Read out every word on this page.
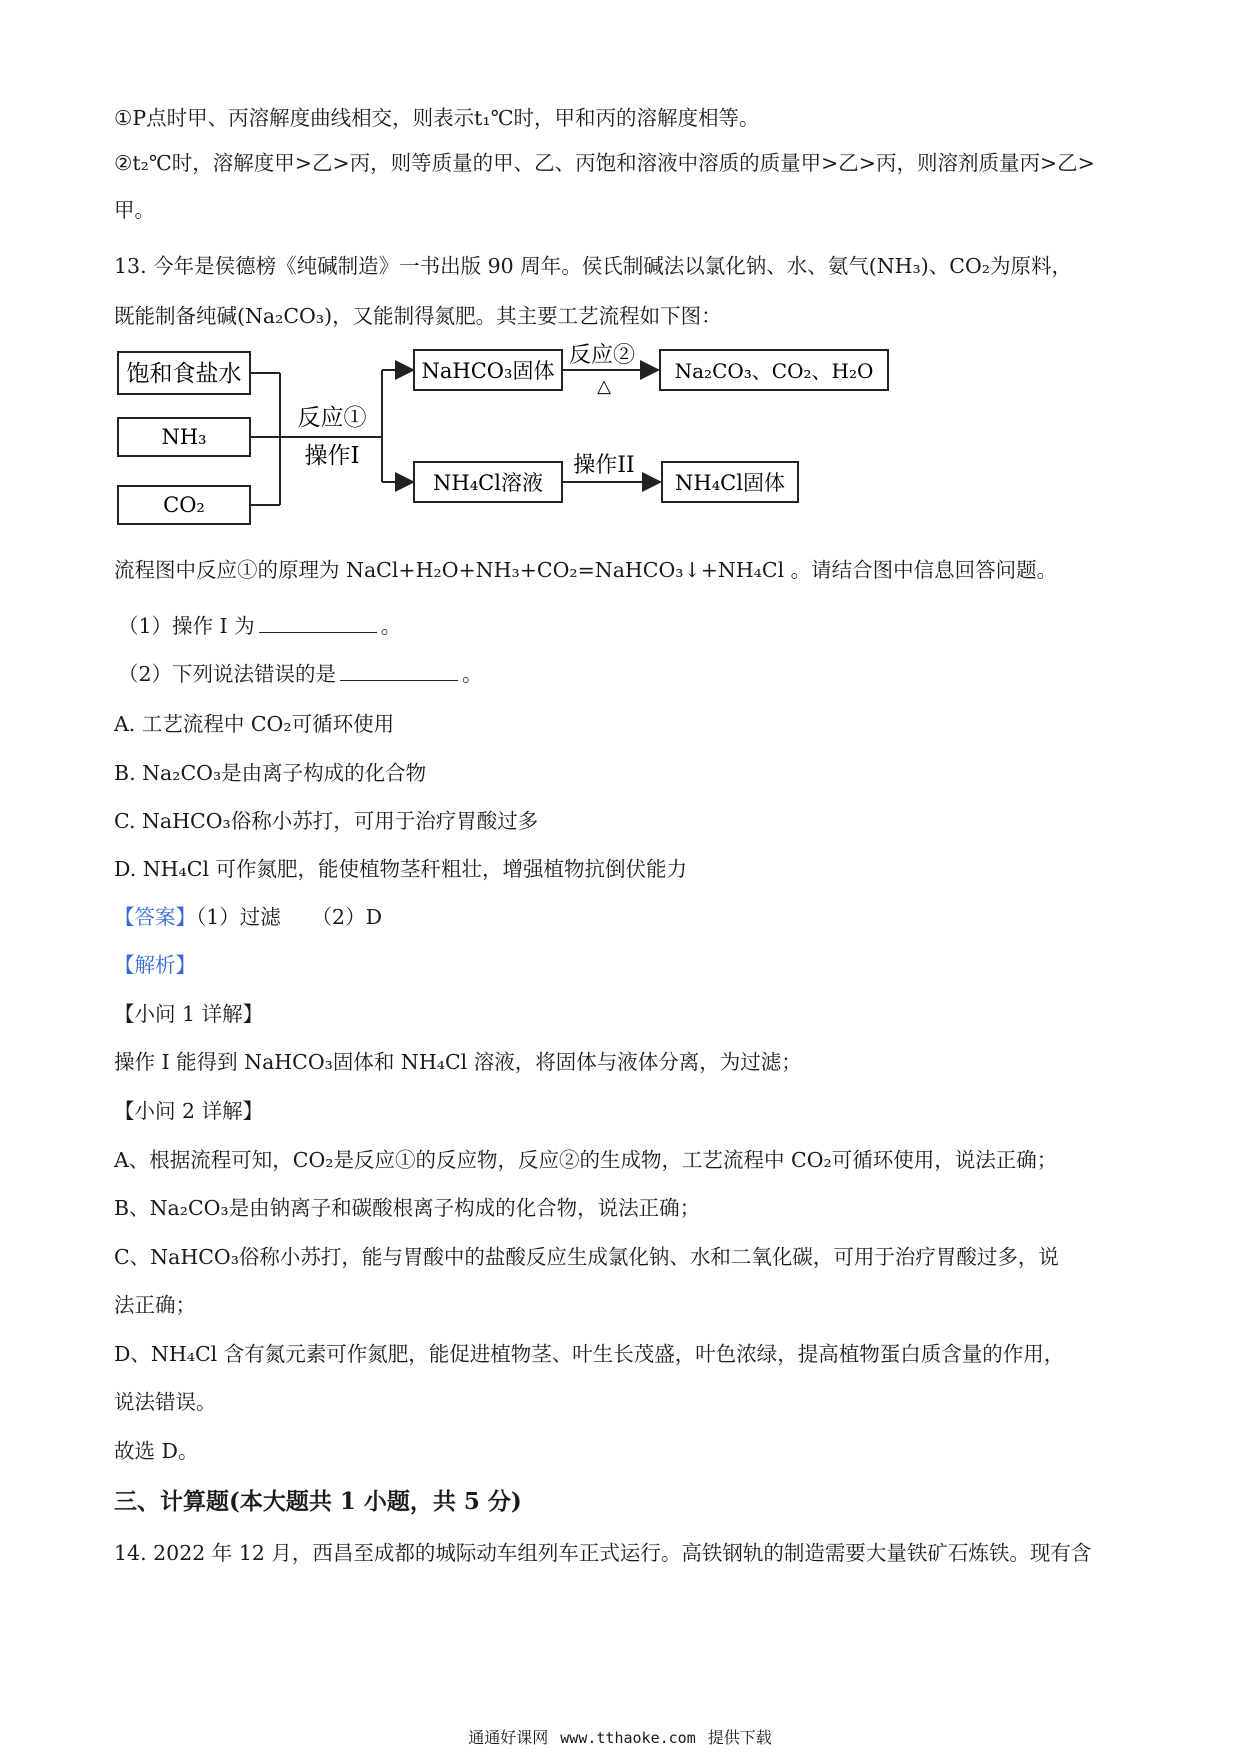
①P点时甲、丙溶解度曲线相交，则表示t₁℃时，甲和丙的溶解度相等。
②t₂℃时，溶解度甲>乙>丙，则等质量的甲、乙、丙饱和溶液中溶质的质量甲>乙>丙，则溶剂质量丙>乙>
甲。
13. 今年是侯德榜《纯碱制造》一书出版 90 周年。侯氏制碱法以氯化钠、水、氨气(NH₃)、CO₂为原料，
既能制备纯碱(Na₂CO₃)，又能制得氮肥。其主要工艺流程如下图：
饱和食盐水
NH₃
CO₂
反应①
操作I
NaHCO₃固体
反应②
△
Na₂CO₃、CO₂、H₂O
NH₄Cl溶液
操作II
NH₄Cl固体
流程图中反应①的原理为 NaCl+H₂O+NH₃+CO₂=NaHCO₃↓+NH₄Cl 。请结合图中信息回答问题。
（1）操作 I 为	。
（2）下列说法错误的是	。
A. 工艺流程中 CO₂可循环使用
B. Na₂CO₃是由离子构成的化合物
C. NaHCO₃俗称小苏打，可用于治疗胃酸过多
D. NH₄Cl 可作氮肥，能使植物茎秆粗壮，增强植物抗倒伏能力
【答案】（1）过滤　　（2）D
【解析】
【小问 1 详解】
操作 I 能得到 NaHCO₃固体和 NH₄Cl 溶液，将固体与液体分离，为过滤；
【小问 2 详解】
A、根据流程可知，CO₂是反应①的反应物，反应②的生成物，工艺流程中 CO₂可循环使用，说法正确；
B、Na₂CO₃是由钠离子和碳酸根离子构成的化合物，说法正确；
C、NaHCO₃俗称小苏打，能与胃酸中的盐酸反应生成氯化钠、水和二氧化碳，可用于治疗胃酸过多，说
法正确；
D、NH₄Cl 含有氮元素可作氮肥，能促进植物茎、叶生长茂盛，叶色浓绿，提高植物蛋白质含量的作用，
说法错误。
故选 D。
三、计算题(本大题共 1 小题，共 5 分)
14. 2022 年 12 月，西昌至成都的城际动车组列车正式运行。高铁钢轨的制造需要大量铁矿石炼铁。现有含
通通好课网 www.tthaoke.com 提供下载
